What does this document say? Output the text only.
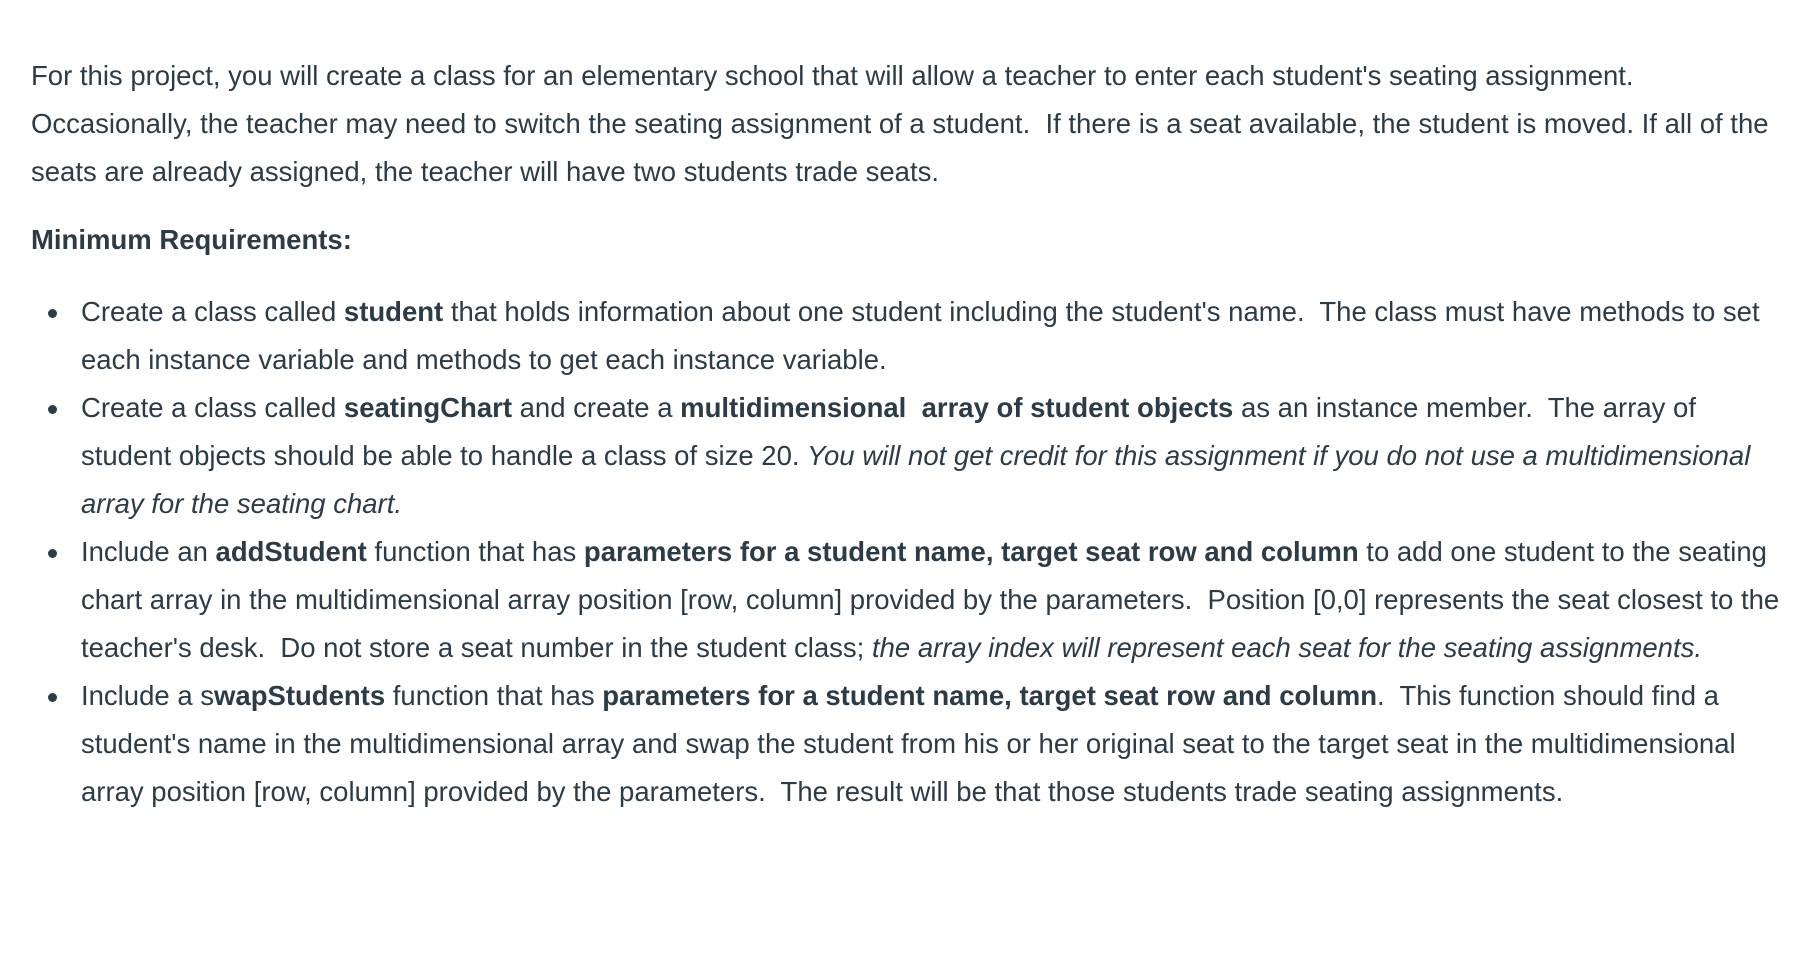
For this project, you will create a class for an elementary school that will allow a teacher to enter each student's seating assignment.  Occasionally, the teacher may need to switch the seating assignment of a student.  If there is a seat available, the student is moved. If all of the seats are already assigned, the teacher will have two students trade seats.

Minimum Requirements:
Create a class called student that holds information about one student including the student's name.  The class must have methods to set each instance variable and methods to get each instance variable.
Create a class called seatingChart and create a multidimensional  array of student objects as an instance member.  The array of student objects should be able to handle a class of size 20. You will not get credit for this assignment if you do not use a multidimensional array for the seating chart.
Include an addStudent function that has parameters for a student name, target seat row and column to add one student to the seating chart array in the multidimensional array position [row, column] provided by the parameters.  Position [0,0] represents the seat closest to the teacher's desk.  Do not store a seat number in the student class; the array index will represent each seat for the seating assignments.
Include a swapStudents function that has parameters for a student name, target seat row and column.  This function should find a student's name in the multidimensional array and swap the student from his or her original seat to the target seat in the multidimensional array position [row, column] provided by the parameters.  The result will be that those students trade seating assignments.
